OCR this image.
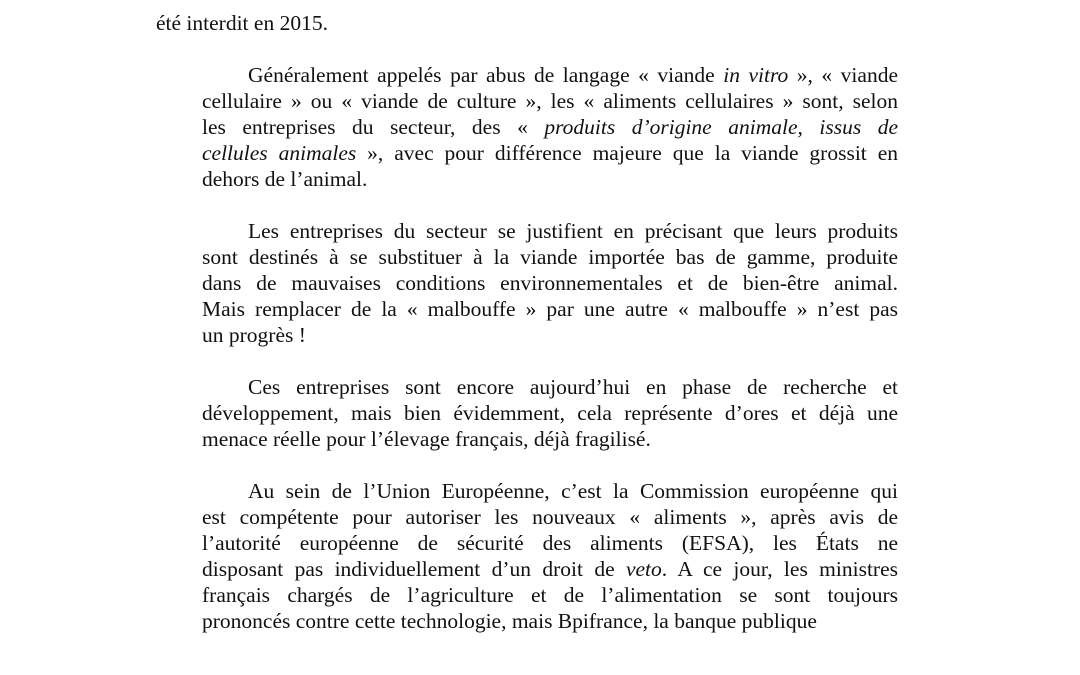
été interdit en 2015.
Généralement appelés par abus de langage « viande in vitro », « viande
cellulaire » ou « viande de culture », les « aliments cellulaires » sont, selon
les entreprises du secteur, des « produits d’origine animale, issus de
cellules animales », avec pour différence majeure que la viande grossit en
dehors de l’animal.
Les entreprises du secteur se justifient en précisant que leurs produits
sont destinés à se substituer à la viande importée bas de gamme, produite
dans de mauvaises conditions environnementales et de bien-être animal.
Mais remplacer de la « malbouffe » par une autre « malbouffe » n’est pas
un progrès !
Ces entreprises sont encore aujourd’hui en phase de recherche et
développement, mais bien évidemment, cela représente d’ores et déjà une
menace réelle pour l’élevage français, déjà fragilisé.
Au sein de l’Union Européenne, c’est la Commission européenne qui
est compétente pour autoriser les nouveaux « aliments », après avis de
l’autorité européenne de sécurité des aliments (EFSA), les États ne
disposant pas individuellement d’un droit de veto. A ce jour, les ministres
français chargés de l’agriculture et de l’alimentation se sont toujours
prononcés contre cette technologie, mais Bpifrance, la banque publique
